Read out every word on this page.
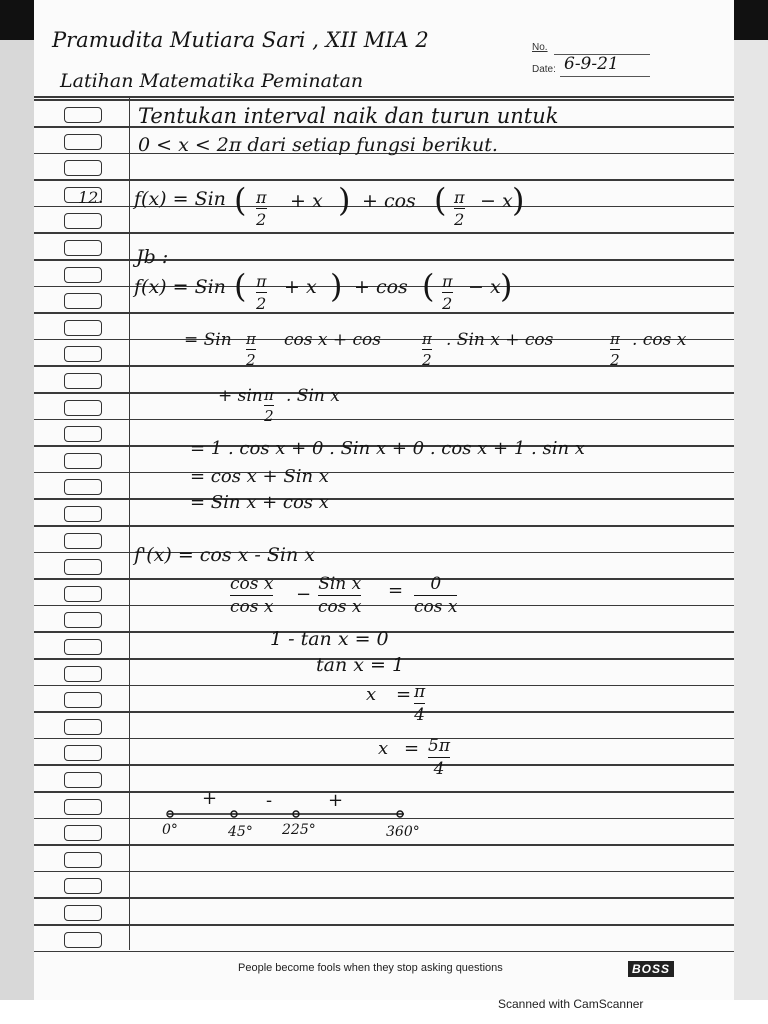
Pramudita Mutiara Sari , XII MIA 2	No.
Date: 6-9-21
Latihan Matematika Peminatan
Tentukan interval naik dan turun untuk
0 < x < 2π dari setiap fungsi berikut.
12. f(x) = Sin ( π
2
+ x ) + cos ( π
2
− x )
Jb :
f(x) = Sin ( π
2
+ x ) + cos ( π
2
− x )
= Sin π
2
cos x + cos	π
2
. Sin x + cos	π
2
. cos x
+ sin π
2
. Sin x
= 1 . cos x + 0 . Sin x + 0 . cos x + 1 . sin x
= cos x + Sin x
= Sin x + cos x
f'(x) = cos x - Sin x
cos x
cos x
− Sin x
cos x
= 0
cos x
1 - tan x = 0
tan x = 1
x = π
4
x = 5π
4
+	-	+
0°	45° 225°	360°
People become fools when they stop asking questions	BOSS
Scanned with CamScanner
